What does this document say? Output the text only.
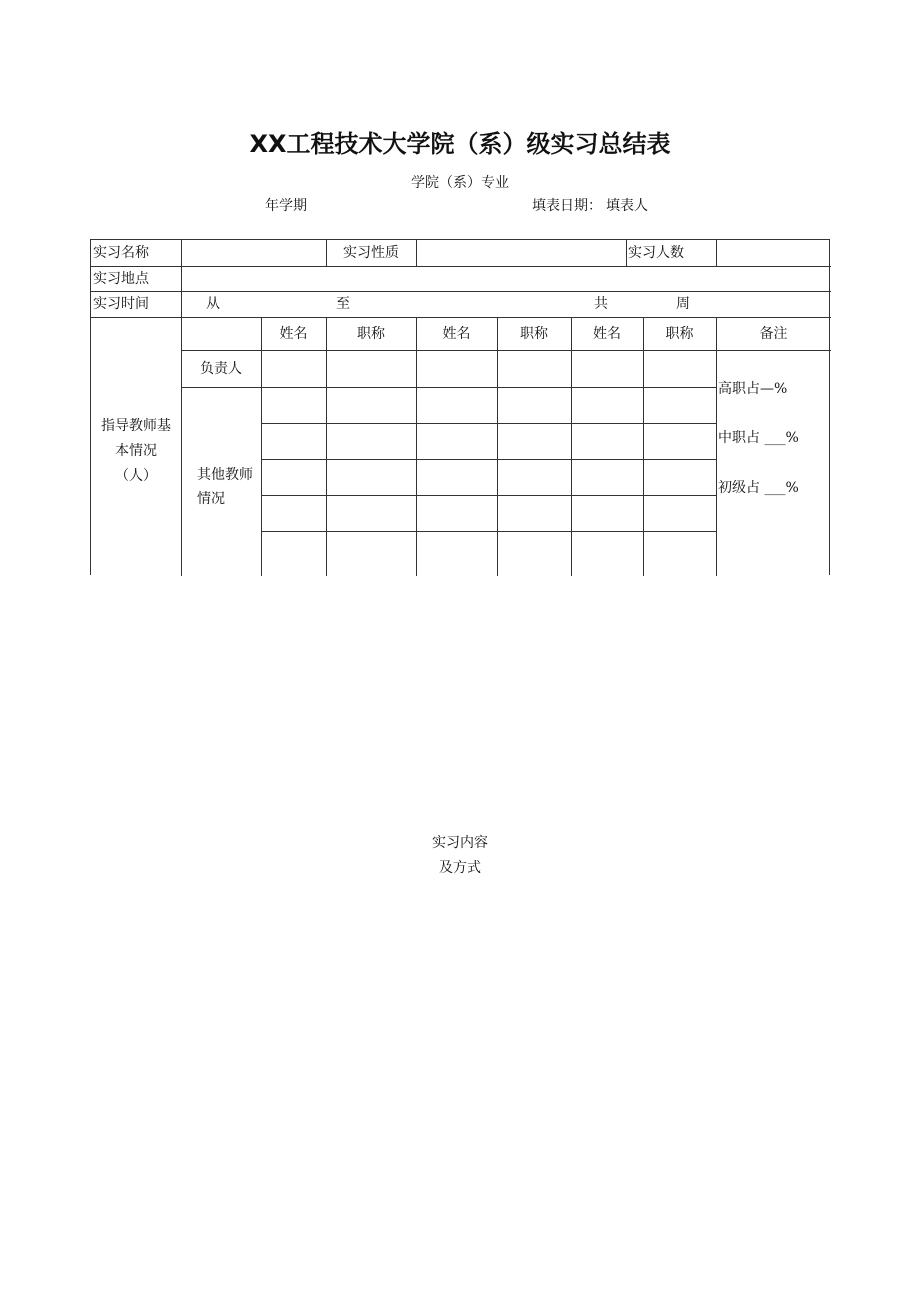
XX工程技术大学院（系）级实习总结表
学院（系）专业
年学期	填表日期： 填表人
实习名称	实习性质	实习人数
实习地点
实习时间	从	至	共	周
指导教师基
本情况
（人）
姓名	职称	姓名	职称	姓名	职称	备注
负责人
其他教师
情况
高职占—%
中职占 ___%
初级占 ___%
实习内容
及方式
